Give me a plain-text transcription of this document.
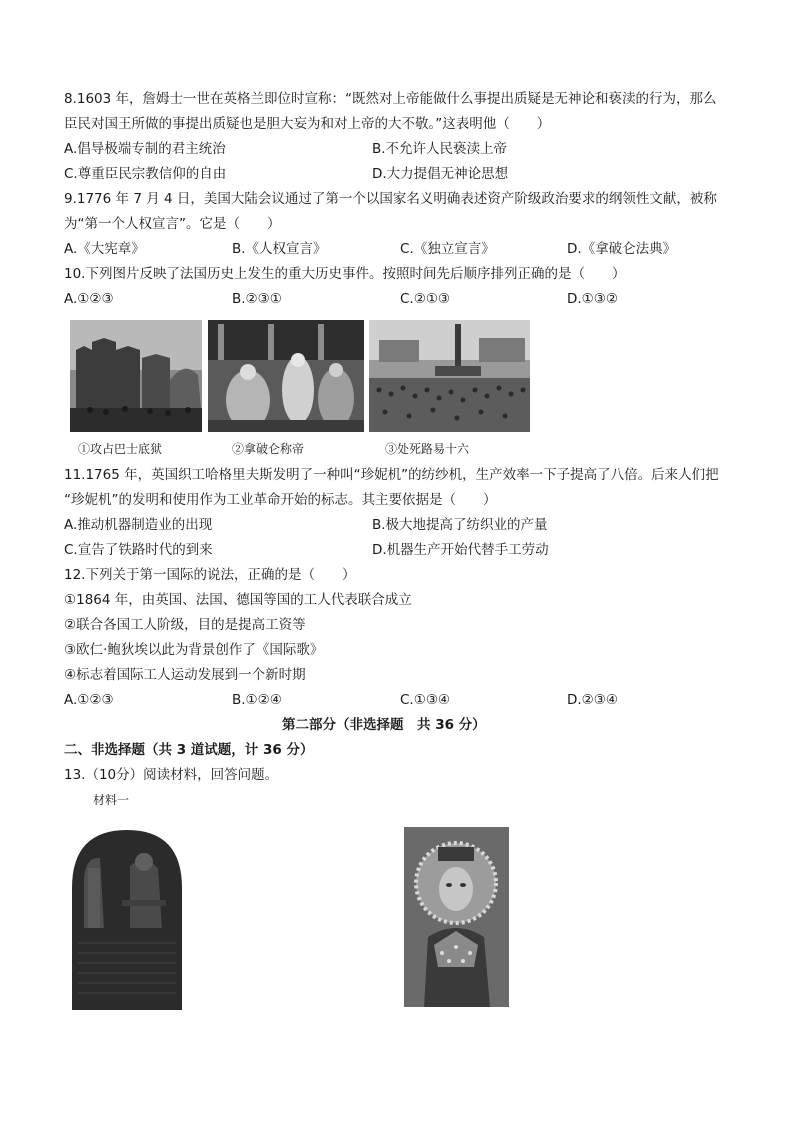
8.1603 年，詹姆士一世在英格兰即位时宣称：“既然对上帝能做什么事提出质疑是无神论和亵渎的行为，那么
臣民对国王所做的事提出质疑也是胆大妄为和对上帝的大不敬。”这表明他（　　）
A.倡导极端专制的君主统治	B.不允许人民亵渎上帝
C.尊重臣民宗教信仰的自由	D.大力提倡无神论思想
9.1776 年 7 月 4 日，美国大陆会议通过了第一个以国家名义明确表述资产阶级政治要求的纲领性文献，被称
为“第一个人权宣言”。它是（　　）
A.《大宪章》	B.《人权宣言》	C.《独立宣言》	D.《拿破仑法典》
10.下列图片反映了法国历史上发生的重大历史事件。按照时间先后顺序排列正确的是（　　）
A.①②③	B.②③①	C.②①③	D.①③②
①攻占巴士底狱	②拿破仑称帝	③处死路易十六
11.1765 年，英国织工哈格里夫斯发明了一种叫“珍妮机”的纺纱机，生产效率一下子提高了八倍。后来人们把
“珍妮机”的发明和使用作为工业革命开始的标志。其主要依据是（　　）
A.推动机器制造业的出现	B.极大地提高了纺织业的产量
C.宣告了铁路时代的到来	D.机器生产开始代替手工劳动
12.下列关于第一国际的说法，正确的是（　　）
①1864 年，由英国、法国、德国等国的工人代表联合成立
②联合各国工人阶级，目的是提高工资等
③欧仁·鲍狄埃以此为背景创作了《国际歌》
④标志着国际工人运动发展到一个新时期
A.①②③	B.①②④	C.①③④	D.②③④
第二部分（非选择题　共 36 分）
二、非选择题（共 3 道试题，计 36 分）
13.（10分）阅读材料，回答问题。
材料一
